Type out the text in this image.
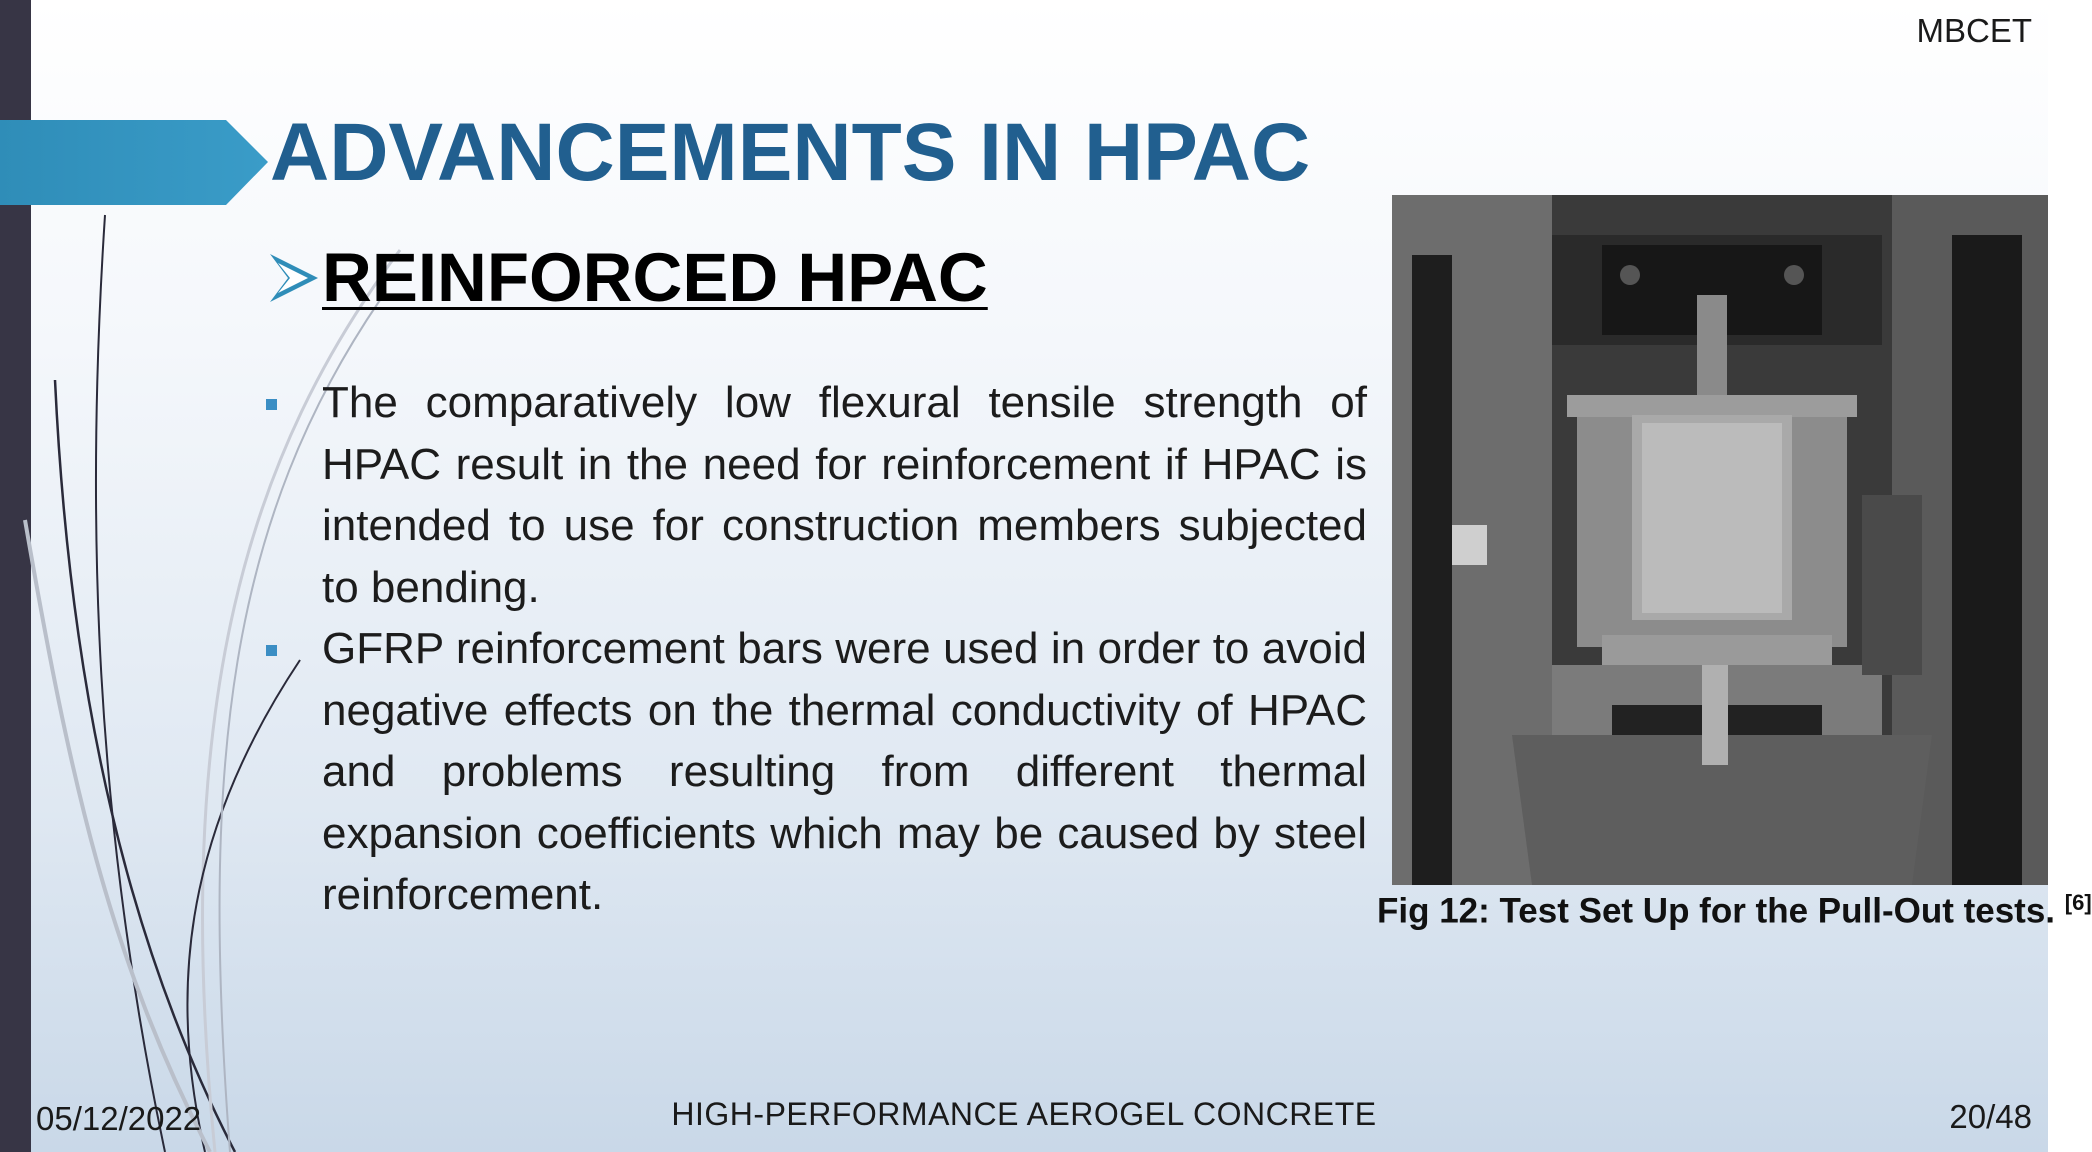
MBCET
ADVANCEMENTS IN HPAC
REINFORCED HPAC
The comparatively low flexural tensile strength of HPAC result in the need for reinforcement if HPAC is intended to use for construction members subjected to bending.
GFRP reinforcement bars were used in order to avoid negative effects on the thermal conductivity of HPAC and problems resulting from different thermal expansion coefficients which may be caused by steel reinforcement.	Fig 12: Test Set Up for the Pull-Out tests. [6]
05/12/2022	HIGH-PERFORMANCE AEROGEL CONCRETE	20/48
